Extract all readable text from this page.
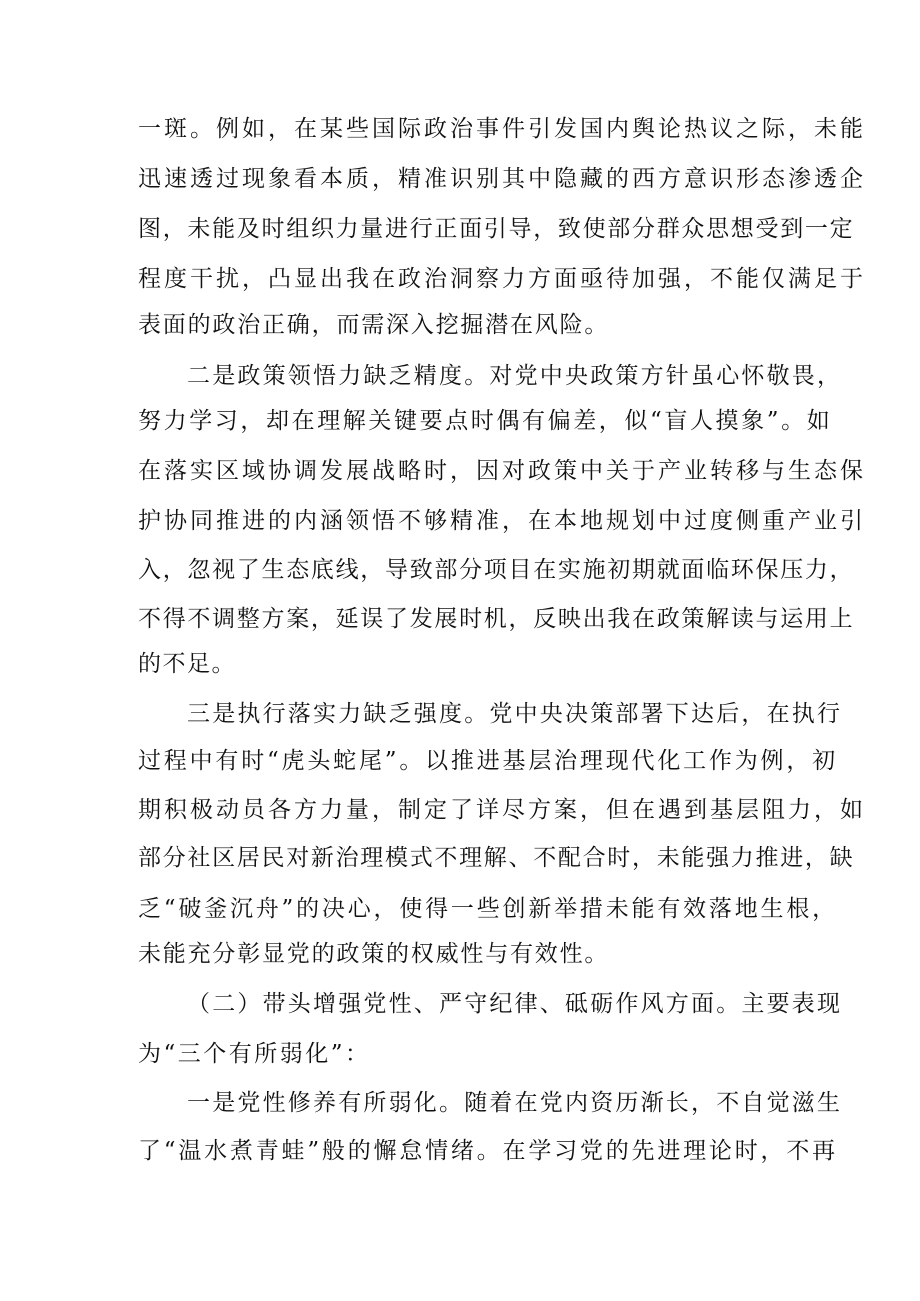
一斑。例如，在某些国际政治事件引发国内舆论热议之际，未能

迅速透过现象看本质，精准识别其中隐藏的西方意识形态渗透企

图，未能及时组织力量进行正面引导，致使部分群众思想受到一定

程度干扰，凸显出我在政治洞察力方面亟待加强，不能仅满足于

表面的政治正确，而需深入挖掘潜在风险。

二是政策领悟力缺乏精度。对党中央政策方针虽心怀敬畏，

努力学习，却在理解关键要点时偶有偏差，似“盲人摸象”。如

在落实区域协调发展战略时，因对政策中关于产业转移与生态保

护协同推进的内涵领悟不够精准，在本地规划中过度侧重产业引

入，忽视了生态底线，导致部分项目在实施初期就面临环保压力，

不得不调整方案，延误了发展时机，反映出我在政策解读与运用上

的不足。

三是执行落实力缺乏强度。党中央决策部署下达后，在执行

过程中有时“虎头蛇尾”。以推进基层治理现代化工作为例，初

期积极动员各方力量，制定了详尽方案，但在遇到基层阻力，如

部分社区居民对新治理模式不理解、不配合时，未能强力推进，缺

乏“破釜沉舟”的决心，使得一些创新举措未能有效落地生根，

未能充分彰显党的政策的权威性与有效性。

（二）带头增强党性、严守纪律、砥砺作风方面。主要表现

为“三个有所弱化”：

一是党性修养有所弱化。随着在党内资历渐长，不自觉滋生

了“温水煮青蛙”般的懈怠情绪。在学习党的先进理论时，不再
